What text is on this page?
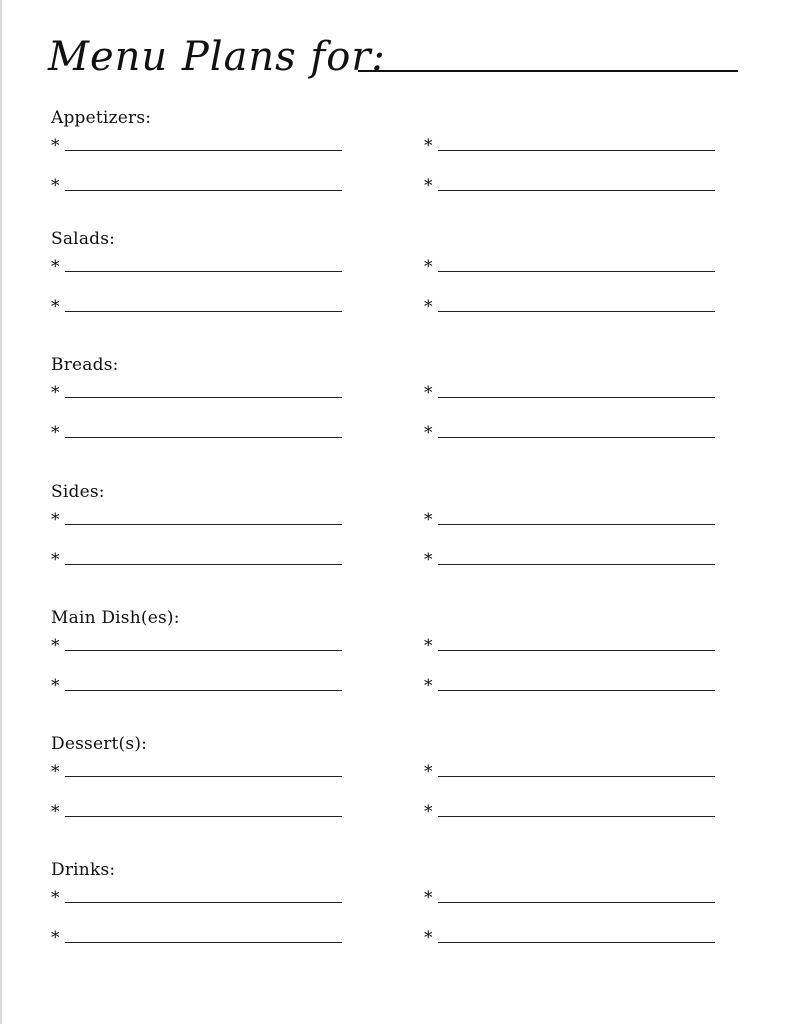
Menu Plans for:
Appetizers:
*	*
*	*
Salads:
*	*
*	*
Breads:
*	*
*	*
Sides:
*	*
*	*
Main Dish(es):
*	*
*	*
Dessert(s):
*	*
*	*
Drinks:
*	*
*	*
